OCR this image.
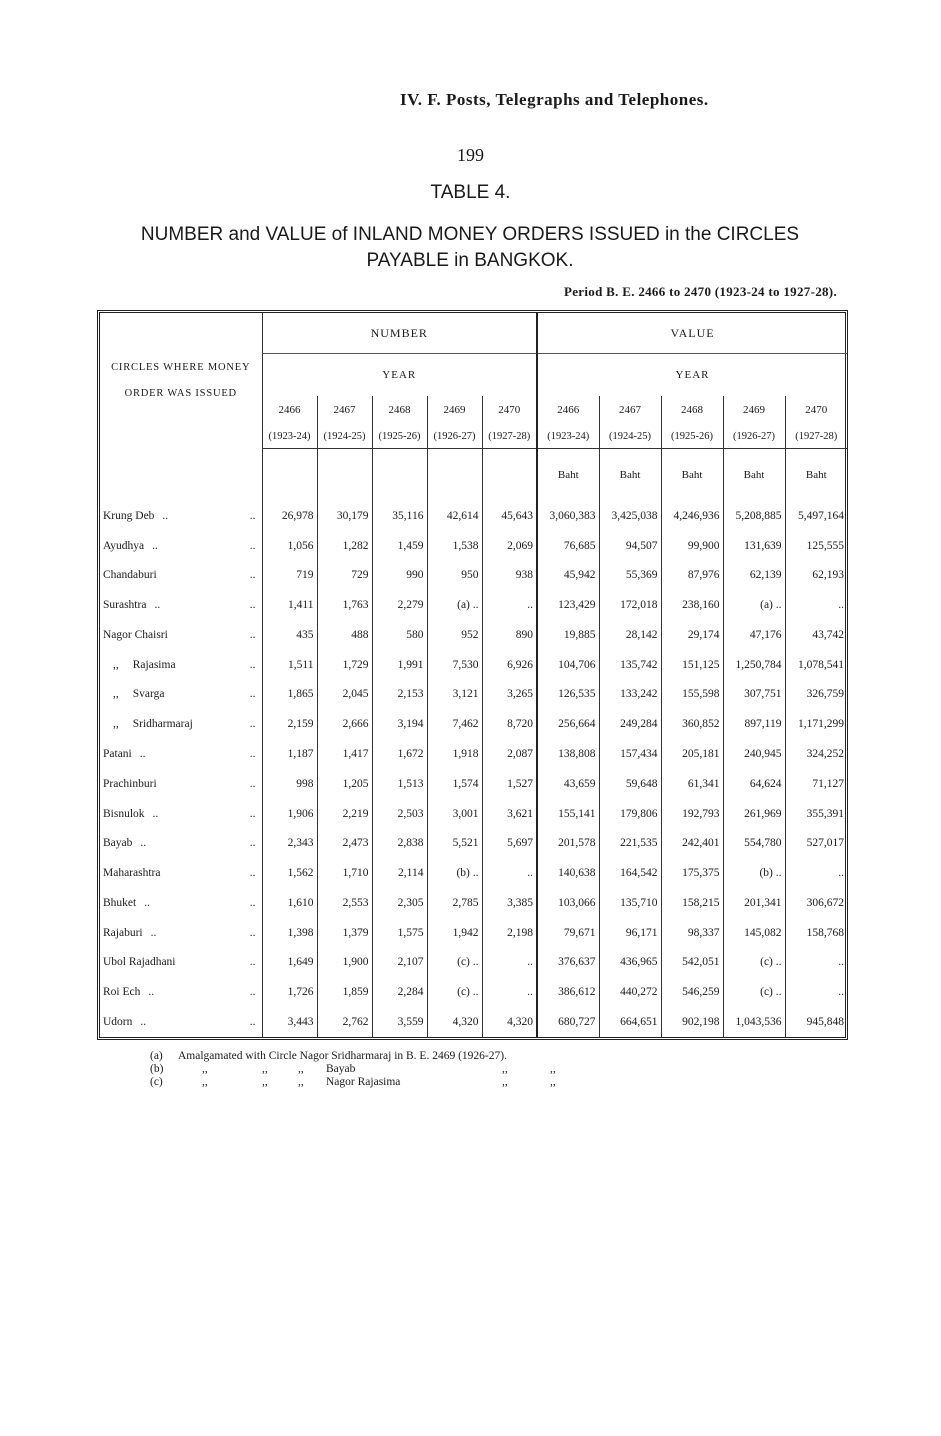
IV. F. Posts, Telegraphs and Telephones.
199
TABLE 4.
NUMBER and VALUE of INLAND MONEY ORDERS ISSUED in the CIRCLES
PAYABLE in BANGKOK.
Period B. E. 2466 to 2470 (1923-24 to 1927-28).
CIRCLES WHERE MONEY
ORDER WAS ISSUED	NUMBER					VALUE				
	YEAR					YEAR				
	2466	2467	2468	2469	2470	2466	2467	2468	2469	2470
	(1923-24)	(1924-25)	(1925-26)	(1926-27)	(1927-28)	(1923-24)	(1924-25)	(1925-26)	(1926-27)	(1927-28)
						Baht	Baht	Baht	Baht	Baht
Krung Deb .. ..	26,978	30,179	35,116	42,614	45,643	3,060,383	3,425,038	4,246,936	5,208,885	5,497,164
Ayudhya .. ..	1,056	1,282	1,459	1,538	2,069	76,685	94,507	99,900	131,639	125,555
Chandaburi ..	719	729	990	950	938	45,942	55,369	87,976	62,139	62,193
Surashtra .. ..	1,411	1,763	2,279	(a) ..	..	123,429	172,018	238,160	(a) ..	..
Nagor Chaisri ..	435	488	580	952	890	19,885	28,142	29,174	47,176	43,742
,, Rajasima ..	1,511	1,729	1,991	7,530	6,926	104,706	135,742	151,125	1,250,784	1,078,541
,, Svarga ..	1,865	2,045	2,153	3,121	3,265	126,535	133,242	155,598	307,751	326,759
,, Sridharmaraj ..	2,159	2,666	3,194	7,462	8,720	256,664	249,284	360,852	897,119	1,171,299
Patani .. ..	1,187	1,417	1,672	1,918	2,087	138,808	157,434	205,181	240,945	324,252
Prachinburi ..	998	1,205	1,513	1,574	1,527	43,659	59,648	61,341	64,624	71,127
Bisnulok .. ..	1,906	2,219	2,503	3,001	3,621	155,141	179,806	192,793	261,969	355,391
Bayab .. ..	2,343	2,473	2,838	5,521	5,697	201,578	221,535	242,401	554,780	527,017
Maharashtra ..	1,562	1,710	2,114	(b) ..	..	140,638	164,542	175,375	(b) ..	..
Bhuket .. ..	1,610	2,553	2,305	2,785	3,385	103,066	135,710	158,215	201,341	306,672
Rajaburi .. ..	1,398	1,379	1,575	1,942	2,198	79,671	96,171	98,337	145,082	158,768
Ubol Rajadhani ..	1,649	1,900	2,107	(c) ..	..	376,637	436,965	542,051	(c) ..	..
Roi Ech .. ..	1,726	1,859	2,284	(c) ..	..	386,612	440,272	546,259	(c) ..	..
Udorn .. ..	3,443	2,762	3,559	4,320	4,320	680,727	664,651	902,198	1,043,536	945,848
(a) Amalgamated with Circle Nagor Sridharmaraj in B. E. 2469 (1926-27).
(b)	,,	,,	,, Bayab	,,	,,
(c)	,,	,,	,, Nagor Rajasima	,,	,,
